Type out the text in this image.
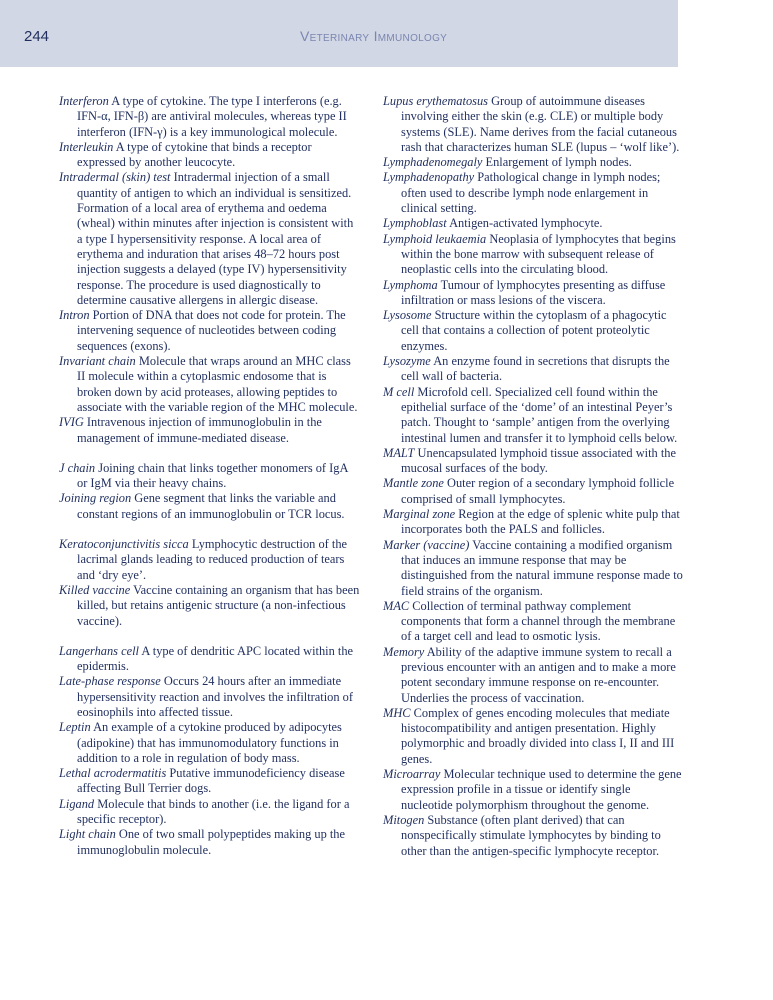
244	Veterinary Immunology

Interferon A type of cytokine. The type I interferons (e.g. IFN-α, IFN-β) are antiviral molecules, whereas type II interferon (IFN-γ) is a key immunological molecule.

Interleukin A type of cytokine that binds a receptor expressed by another leucocyte.

Intradermal (skin) test Intradermal injection of a small quantity of antigen to which an individual is sensitized. Formation of a local area of erythema and oedema (wheal) within minutes after injection is consistent with a type I hypersensitivity response. A local area of erythema and induration that arises 48–72 hours post injection suggests a delayed (type IV) hypersensitivity response. The procedure is used diagnostically to determine causative allergens in allergic disease.

Intron Portion of DNA that does not code for protein. The intervening sequence of nucleotides between coding sequences (exons).

Invariant chain Molecule that wraps around an MHC class II molecule within a cytoplasmic endosome that is broken down by acid proteases, allowing peptides to associate with the variable region of the MHC molecule.

IVIG Intravenous injection of immunoglobulin in the management of immune-mediated disease.

J chain Joining chain that links together monomers of IgA or IgM via their heavy chains.

Joining region Gene segment that links the variable and constant regions of an immunoglobulin or TCR locus.

Keratoconjunctivitis sicca Lymphocytic destruction of the lacrimal glands leading to reduced production of tears and ‘dry eye’.

Killed vaccine Vaccine containing an organism that has been killed, but retains antigenic structure (a non-infectious vaccine).

Langerhans cell A type of dendritic APC located within the epidermis.

Late-phase response Occurs 24 hours after an immediate hypersensitivity reaction and involves the infiltration of eosinophils into affected tissue.

Leptin An example of a cytokine produced by adipocytes (adipokine) that has immunomodulatory functions in addition to a role in regulation of body mass.

Lethal acrodermatitis Putative immunodeficiency disease affecting Bull Terrier dogs.

Ligand Molecule that binds to another (i.e. the ligand for a specific receptor).

Light chain One of two small polypeptides making up the immunoglobulin molecule.

Lupus erythematosus Group of autoimmune diseases involving either the skin (e.g. CLE) or multiple body systems (SLE). Name derives from the facial cutaneous rash that characterizes human SLE (lupus – ‘wolf like’).

Lymphadenomegaly Enlargement of lymph nodes.

Lymphadenopathy Pathological change in lymph nodes; often used to describe lymph node enlargement in clinical setting.

Lymphoblast Antigen-activated lymphocyte.

Lymphoid leukaemia Neoplasia of lymphocytes that begins within the bone marrow with subsequent release of neoplastic cells into the circulating blood.

Lymphoma Tumour of lymphocytes presenting as diffuse infiltration or mass lesions of the viscera.

Lysosome Structure within the cytoplasm of a phagocytic cell that contains a collection of potent proteolytic enzymes.

Lysozyme An enzyme found in secretions that disrupts the cell wall of bacteria.

M cell Microfold cell. Specialized cell found within the epithelial surface of the ‘dome’ of an intestinal Peyer’s patch. Thought to ‘sample’ antigen from the overlying intestinal lumen and transfer it to lymphoid cells below.

MALT Unencapsulated lymphoid tissue associated with the mucosal surfaces of the body.

Mantle zone Outer region of a secondary lymphoid follicle comprised of small lymphocytes.

Marginal zone Region at the edge of splenic white pulp that incorporates both the PALS and follicles.

Marker (vaccine) Vaccine containing a modified organism that induces an immune response that may be distinguished from the natural immune response made to field strains of the organism.

MAC Collection of terminal pathway complement components that form a channel through the membrane of a target cell and lead to osmotic lysis.

Memory Ability of the adaptive immune system to recall a previous encounter with an antigen and to make a more potent secondary immune response on re-encounter. Underlies the process of vaccination.

MHC Complex of genes encoding molecules that mediate histocompatibility and antigen presentation. Highly polymorphic and broadly divided into class I, II and III genes.

Microarray Molecular technique used to determine the gene expression profile in a tissue or identify single nucleotide polymorphism throughout the genome.

Mitogen Substance (often plant derived) that can nonspecifically stimulate lymphocytes by binding to other than the antigen-specific lymphocyte receptor.
